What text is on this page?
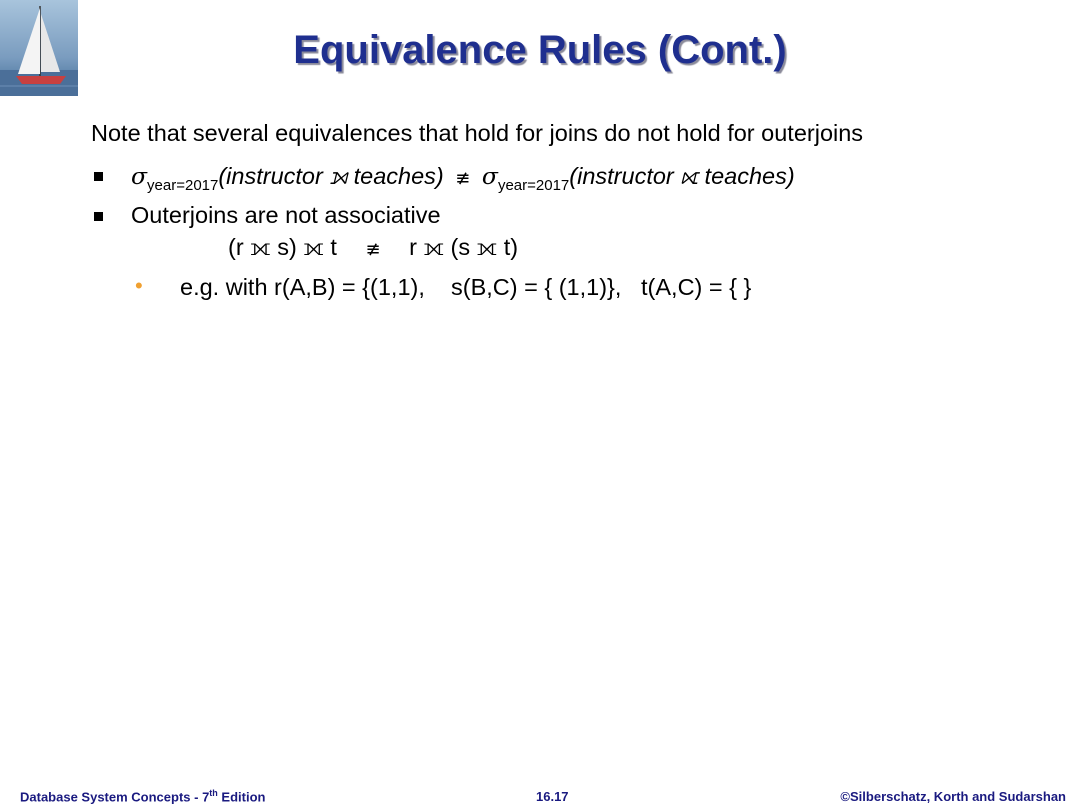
Equivalence Rules (Cont.)
Note that several equivalences that hold for joins do not hold for outerjoins
$\sigma_{year=2017}(instructor$ ⟕ teaches) ≢ $\sigma_{year=2017}(instructor$ ⟖ teaches)
Outerjoins are not associative
(r ⟗ s) ⟗ t ≢ r ⟗ (s ⟗ t)
• e.g. with r(A,B) = {(1,1),    s(B,C) = { (1,1)},   t(A,C) = { }
Database System Concepts - 7th Edition	16.17	©Silberschatz, Korth and Sudarshan
